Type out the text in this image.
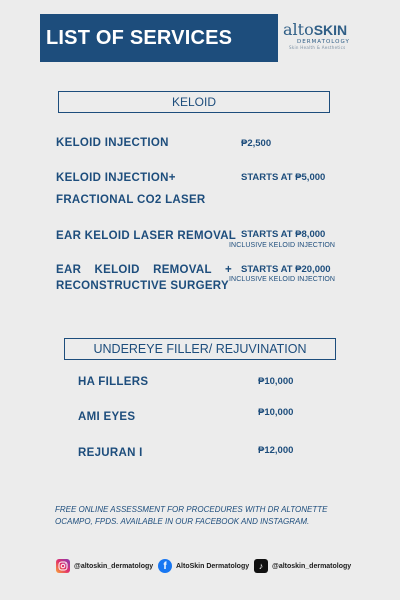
LIST OF SERVICES	altoSKIN
DERMATOLOGY
Skin Health & Aesthetics
KELOID
KELOID INJECTION	₱2,500
KELOID INJECTION+
FRACTIONAL CO2 LASER
STARTS AT ₱5,000
EAR KELOID LASER REMOVAL STARTS AT ₱8,000
INCLUSIVE KELOID INJECTION
EAR KELOID REMOVAL +
RECONSTRUCTIVE SURGERY
STARTS AT ₱20,000
INCLUSIVE KELOID INJECTION
UNDEREYE FILLER/ REJUVINATION
HA FILLERS	₱10,000
AMI EYES	₱10,000
REJURAN I	₱12,000
FREE ONLINE ASSESSMENT FOR PROCEDURES WITH DR ALTONETTE OCAMPO, FPDS. AVAILABLE IN OUR FACEBOOK AND INSTAGRAM.
@altoskin_dermatology	f	AltoSkin Dermatology	♪	@altoskin_dermatology
